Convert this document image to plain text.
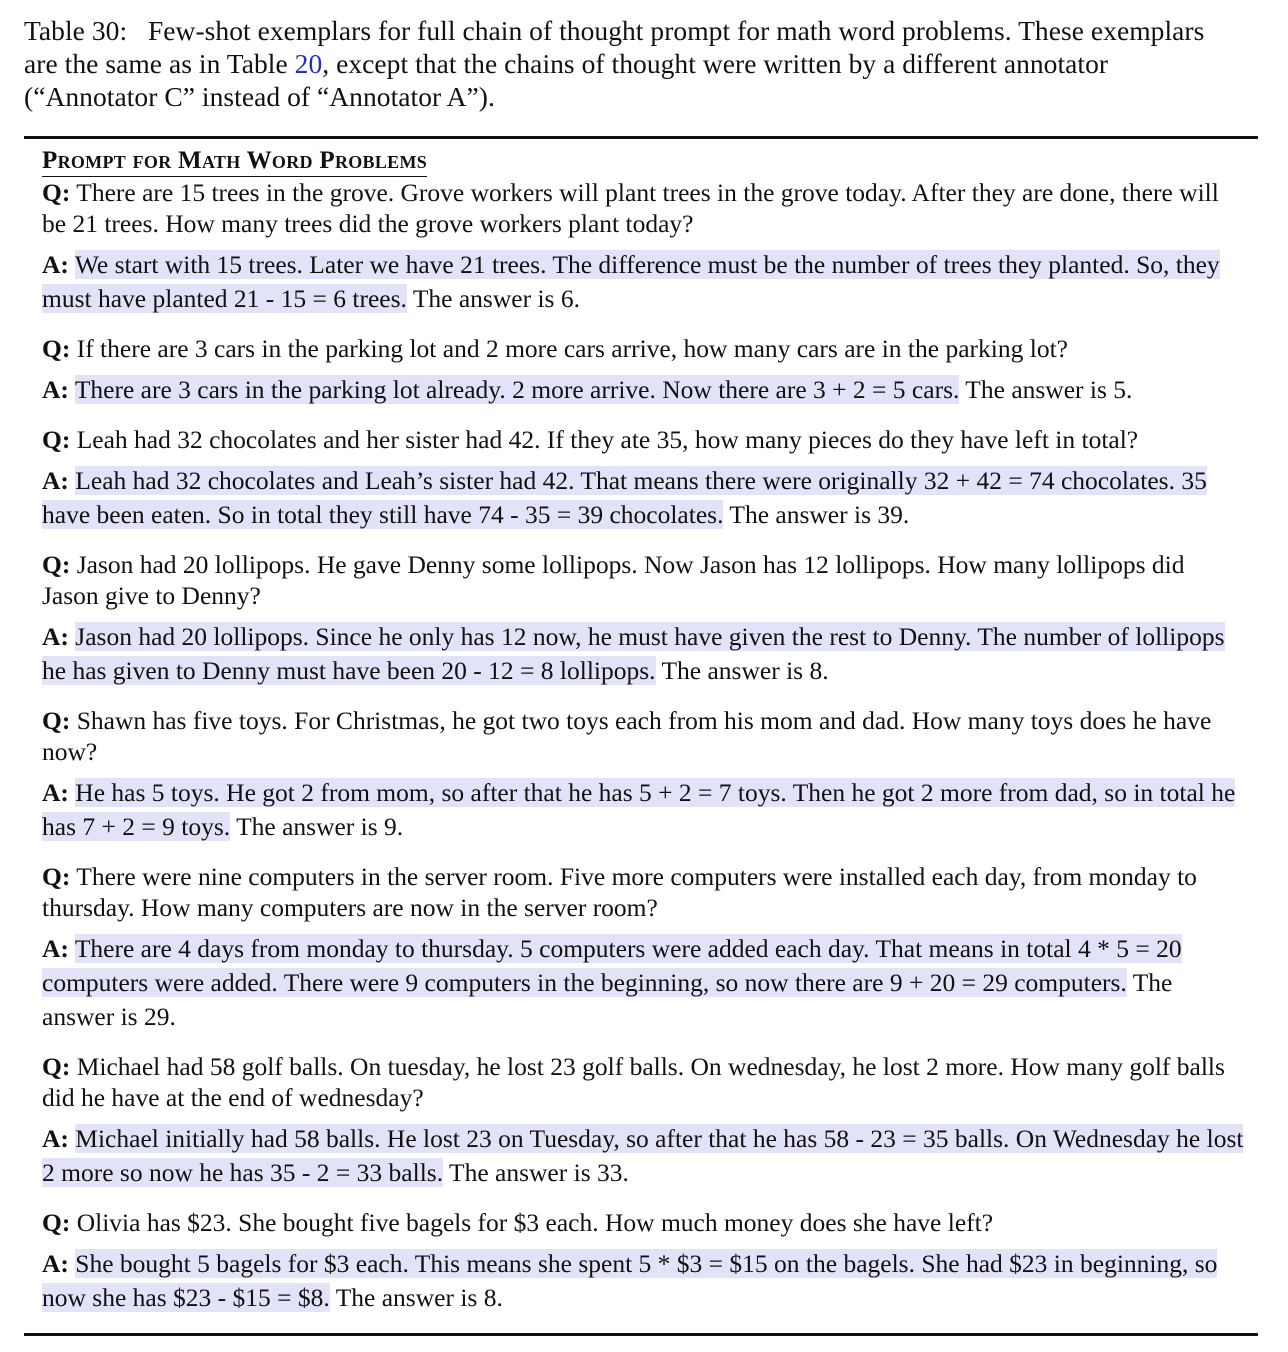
Table 30: Few-shot exemplars for full chain of thought prompt for math word problems. These exemplars are the same as in Table 20, except that the chains of thought were written by a different annotator (“Annotator C” instead of “Annotator A”).
Prompt for Math Word Problems
Q: There are 15 trees in the grove. Grove workers will plant trees in the grove today. After they are done, there will be 21 trees. How many trees did the grove workers plant today?
A: We start with 15 trees. Later we have 21 trees. The difference must be the number of trees they planted. So, they must have planted 21 - 15 = 6 trees. The answer is 6.
Q: If there are 3 cars in the parking lot and 2 more cars arrive, how many cars are in the parking lot?
A: There are 3 cars in the parking lot already. 2 more arrive. Now there are 3 + 2 = 5 cars. The answer is 5.
Q: Leah had 32 chocolates and her sister had 42. If they ate 35, how many pieces do they have left in total?
A: Leah had 32 chocolates and Leah’s sister had 42. That means there were originally 32 + 42 = 74 chocolates. 35 have been eaten. So in total they still have 74 - 35 = 39 chocolates. The answer is 39.
Q: Jason had 20 lollipops. He gave Denny some lollipops. Now Jason has 12 lollipops. How many lollipops did Jason give to Denny?
A: Jason had 20 lollipops. Since he only has 12 now, he must have given the rest to Denny. The number of lollipops he has given to Denny must have been 20 - 12 = 8 lollipops. The answer is 8.
Q: Shawn has five toys. For Christmas, he got two toys each from his mom and dad. How many toys does he have now?
A: He has 5 toys. He got 2 from mom, so after that he has 5 + 2 = 7 toys. Then he got 2 more from dad, so in total he has 7 + 2 = 9 toys. The answer is 9.
Q: There were nine computers in the server room. Five more computers were installed each day, from monday to thursday. How many computers are now in the server room?
A: There are 4 days from monday to thursday. 5 computers were added each day. That means in total 4 * 5 = 20 computers were added. There were 9 computers in the beginning, so now there are 9 + 20 = 29 computers. The answer is 29.
Q: Michael had 58 golf balls. On tuesday, he lost 23 golf balls. On wednesday, he lost 2 more. How many golf balls did he have at the end of wednesday?
A: Michael initially had 58 balls. He lost 23 on Tuesday, so after that he has 58 - 23 = 35 balls. On Wednesday he lost 2 more so now he has 35 - 2 = 33 balls. The answer is 33.
Q: Olivia has $23. She bought five bagels for $3 each. How much money does she have left?
A: She bought 5 bagels for $3 each. This means she spent 5 * $3 = $15 on the bagels. She had $23 in beginning, so now she has $23 - $15 = $8. The answer is 8.
